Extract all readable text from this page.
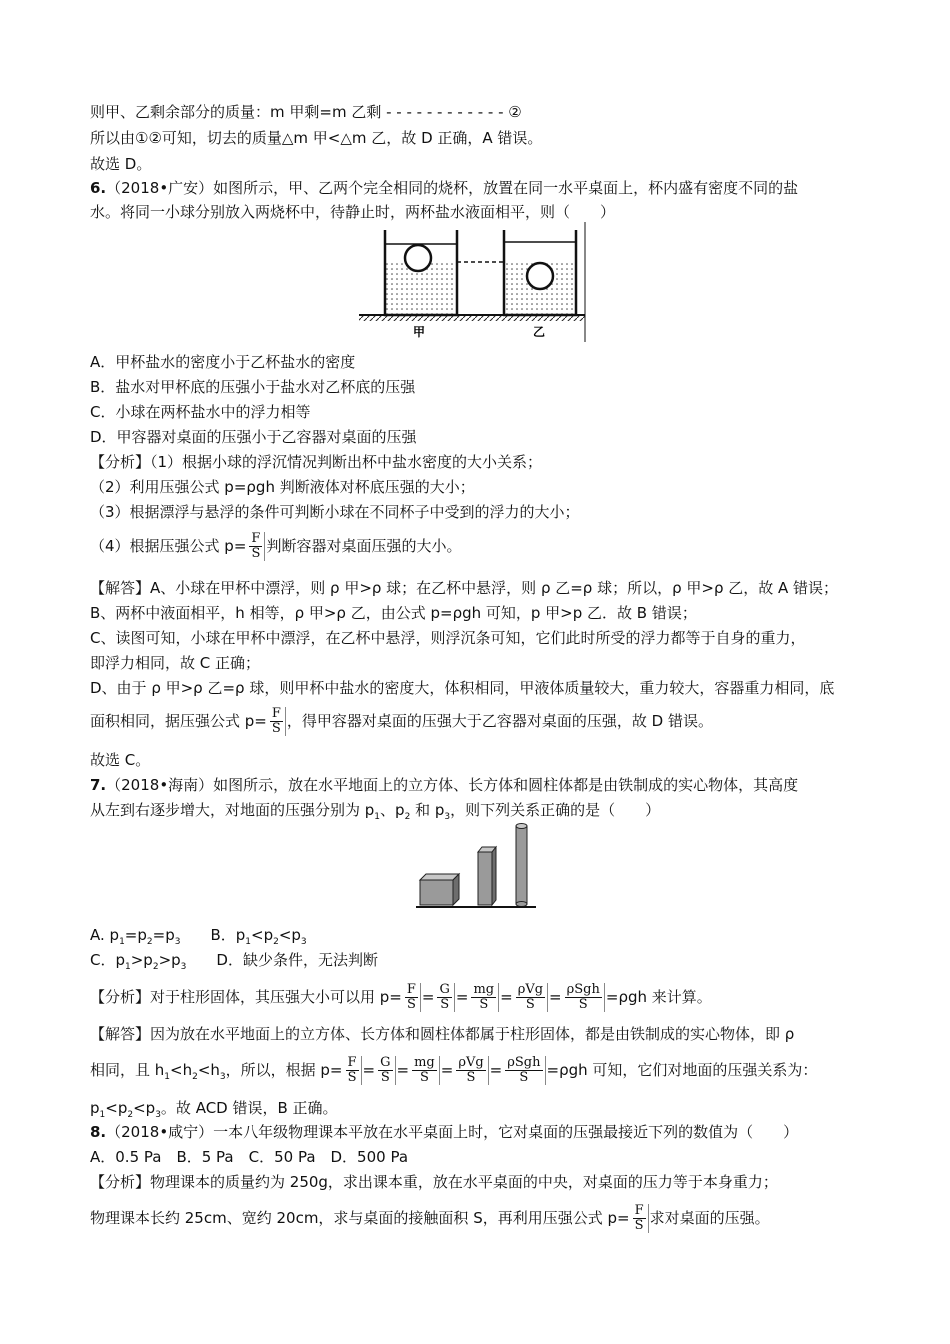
则甲、乙剩余部分的质量：m 甲剩=m 乙剩 - - - - - - - - - - - - ②
所以由①②可知，切去的质量△m 甲<△m 乙，故 D 正确，A 错误。
故选 D。
6.（2018•广安）如图所示，甲、乙两个完全相同的烧杯，放置在同一水平桌面上，杯内盛有密度不同的盐
水。将同一小球分别放入两烧杯中，待静止时，两杯盐水液面相平，则（　　）
甲	乙
A．甲杯盐水的密度小于乙杯盐水的密度
B．盐水对甲杯底的压强小于盐水对乙杯底的压强
C．小球在两杯盐水中的浮力相等
D．甲容器对桌面的压强小于乙容器对桌面的压强
【分析】（1）根据小球的浮沉情况判断出杯中盐水密度的大小关系；
（2）利用压强公式 p=ρgh 判断液体对杯底压强的大小；
（3）根据漂浮与悬浮的条件可判断小球在不同杯子中受到的浮力的大小；
（4）根据压强公式 $p= \frac{F}{S}$ 判断容器对桌面压强的大小。
【解答】A、小球在甲杯中漂浮，则 ρ 甲>ρ 球；在乙杯中悬浮，则 ρ 乙=ρ 球；所以，ρ 甲>ρ 乙，故 A 错误；
B、两杯中液面相平，h 相等，ρ 甲>ρ 乙，由公式 p=ρgh 可知，p 甲>p 乙．故 B 错误；
C、读图可知，小球在甲杯中漂浮，在乙杯中悬浮，则浮沉条可知，它们此时所受的浮力都等于自身的重力，
即浮力相同，故 C 正确；
D、由于 ρ 甲>ρ 乙=ρ 球，则甲杯中盐水的密度大，体积相同，甲液体质量较大，重力较大，容器重力相同，底
面积相同，据压强公式 $p= \frac{F}{S}$ ，得甲容器对桌面的压强大于乙容器对桌面的压强，故 D 错误。
故选 C。
7.（2018•海南）如图所示，放在水平地面上的立方体、长方体和圆柱体都是由铁制成的实心物体，其高度
从左到右逐步增大，对地面的压强分别为 $p_1$、$p_2$ 和 $p_3$，则下列关系正确的是（　　）
A. $p_1=p_2=p_3$　　B．$p_1<p_2<p_3$
C．$p_1>p_2>p_3$　　D．缺少条件，无法判断
【分析】对于柱形固体，其压强大小可以用 $p= \frac{F}{S} = \frac{G}{S} = \frac{mg}{S} = \frac{\text{ρVg}}{S} = \frac{\text{ρSgh}}{S} =\rho gh$ 来计算。
【解答】因为放在水平地面上的立方体、长方体和圆柱体都属于柱形固体，都是由铁制成的实心物体，即 ρ
相同，且 $h_1<h_2<h_3$，所以，根据 $p= \frac{F}{S} = \frac{G}{S} = \frac{mg}{S} = \frac{\text{ρVg}}{S} = \frac{\text{ρSgh}}{S} =\rho gh$ 可知，它们对地面的压强关系为：
$p_1<p_2<p_3$。故 ACD 错误，B 正确。
8.（2018•咸宁）一本八年级物理课本平放在水平桌面上时，它对桌面的压强最接近下列的数值为（　　）
A．0.5 Pa　B．5 Pa　C．50 Pa　D．500 Pa
【分析】物理课本的质量约为 250g，求出课本重，放在水平桌面的中央，对桌面的压力等于本身重力；
物理课本长约 25cm、宽约 20cm，求与桌面的接触面积 S，再利用压强公式 $p= \frac{F}{S}$ 求对桌面的压强。
